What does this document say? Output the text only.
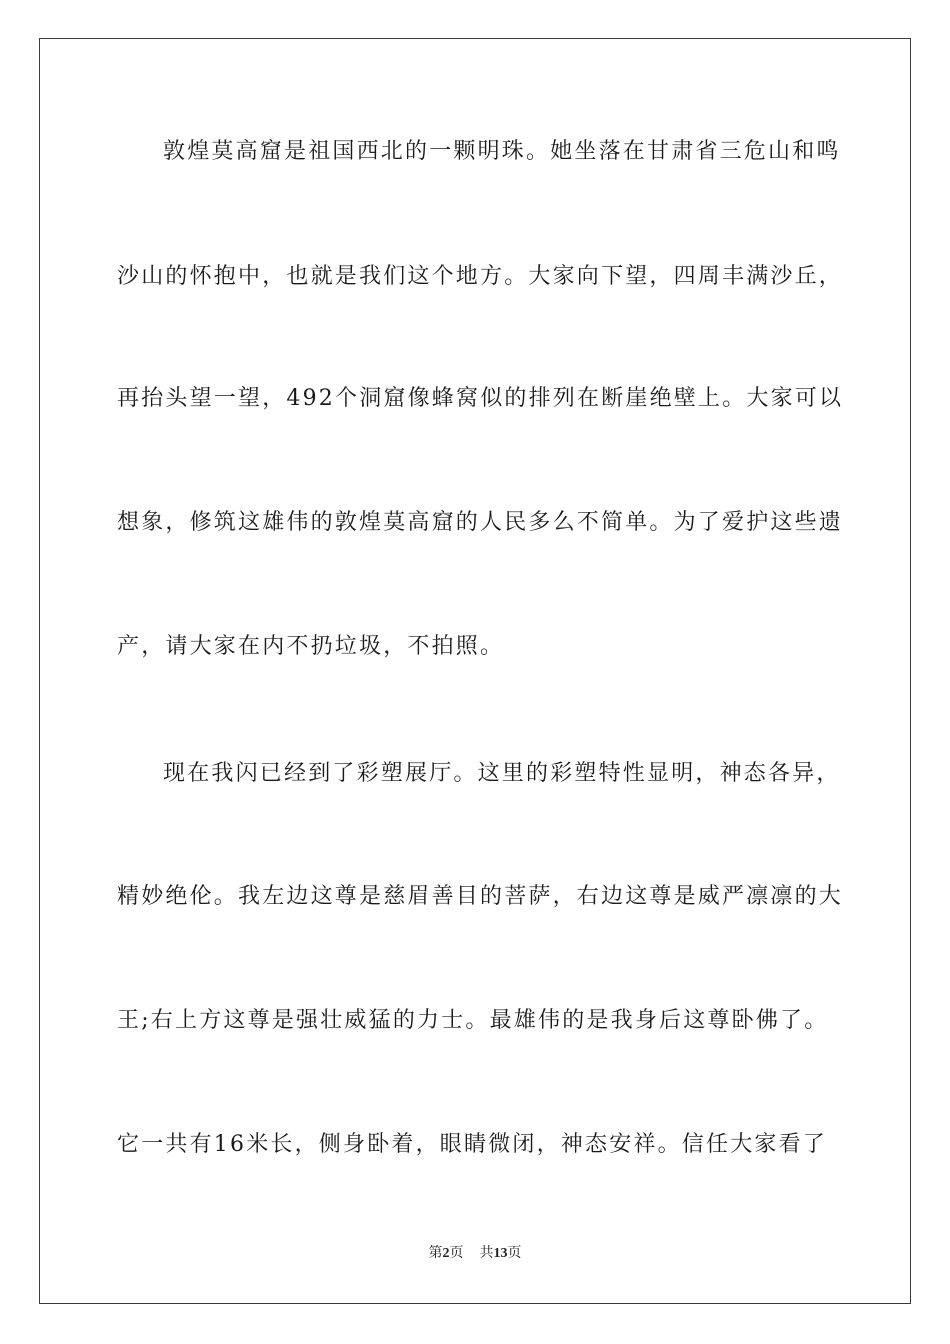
敦煌莫高窟是祖国西北的一颗明珠。她坐落在甘肃省三危山和鸣
沙山的怀抱中，也就是我们这个地方。大家向下望，四周丰满沙丘，
再抬头望一望，492个洞窟像蜂窝似的排列在断崖绝壁上。大家可以
想象，修筑这雄伟的敦煌莫高窟的人民多么不简单。为了爱护这些遗
产，请大家在内不扔垃圾，不拍照。
现在我闪已经到了彩塑展厅。这里的彩塑特性显明，神态各异，
精妙绝伦。我左边这尊是慈眉善目的菩萨，右边这尊是威严凛凛的大
王;右上方这尊是强壮威猛的力士。最雄伟的是我身后这尊卧佛了。
它一共有16米长，侧身卧着，眼睛微闭，神态安祥。信任大家看了
第2页 共13页
